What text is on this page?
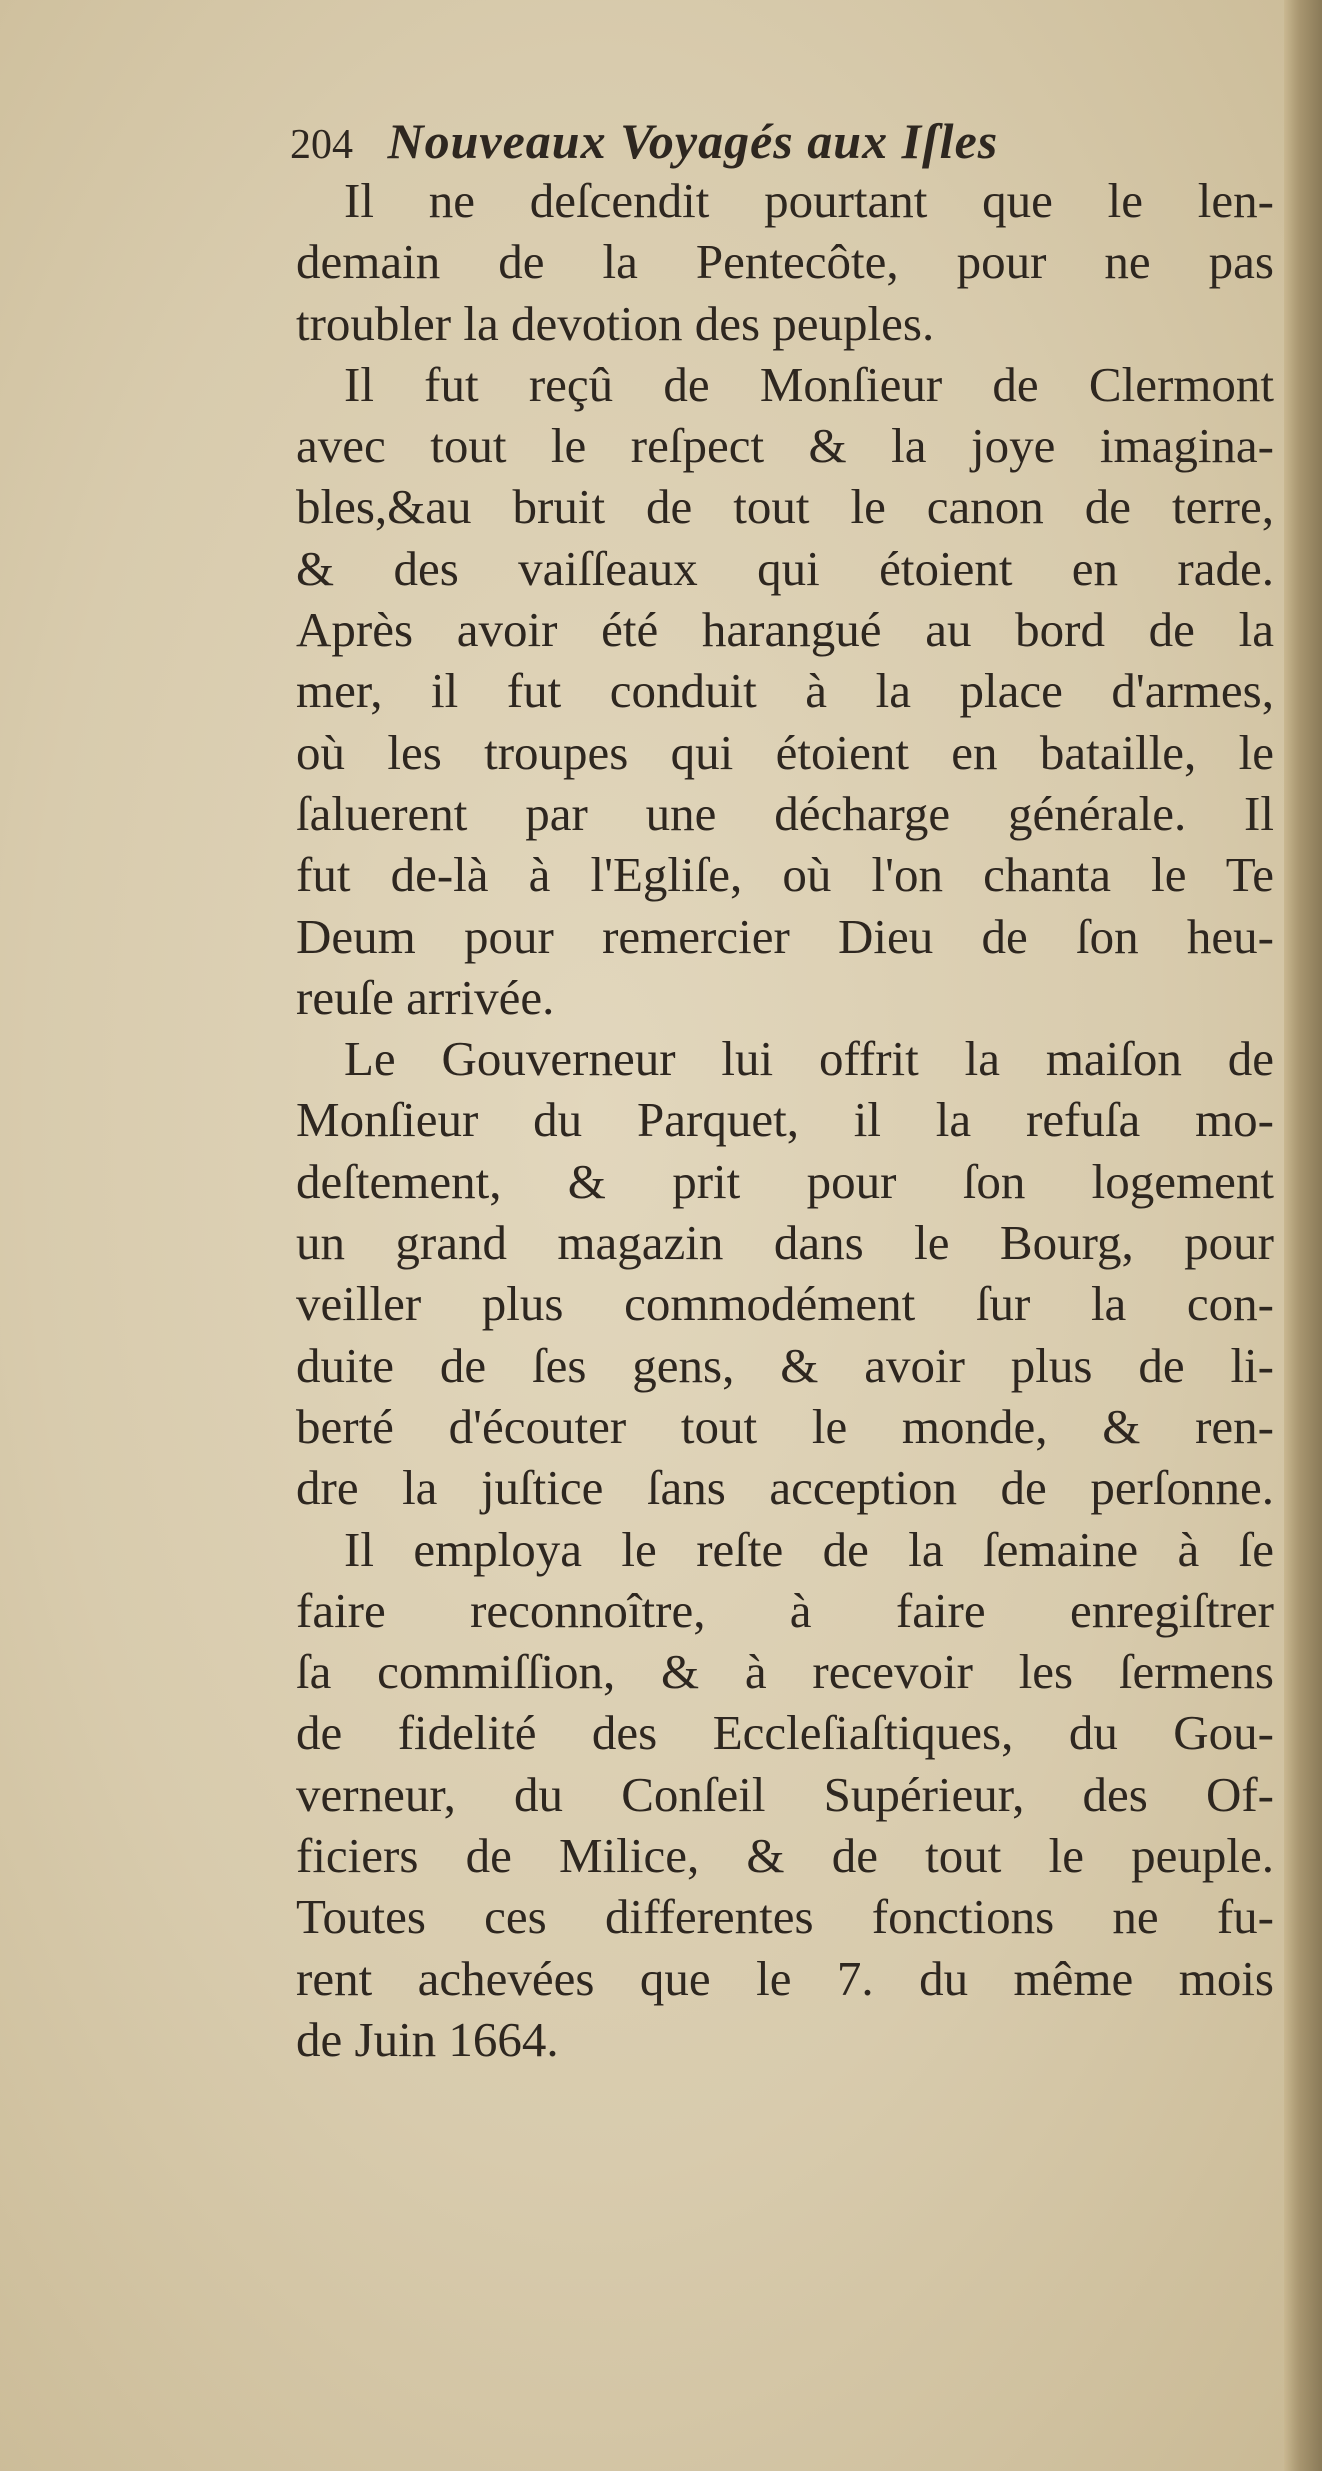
204 Nouveaux Voyagés aux Iſles
Il ne deſcendit pourtant que le len-
demain de la Pentecôte, pour ne pas
troubler la devotion des peuples.
Il fut reçû de Monſieur de Clermont
avec tout le reſpect & la joye imagina-
bles,&au bruit de tout le canon de terre,
& des vaiſſeaux qui étoient en rade.
Après avoir été harangué au bord de la
mer, il fut conduit à la place d'armes,
où les troupes qui étoient en bataille, le
ſaluerent par une décharge générale. Il
fut de-là à l'Egliſe, où l'on chanta le Te
Deum pour remercier Dieu de ſon heu-
reuſe arrivée.
Le Gouverneur lui offrit la maiſon de
Monſieur du Parquet, il la refuſa mo-
deſtement, & prit pour ſon logement
un grand magazin dans le Bourg, pour
veiller plus commodément ſur la con-
duite de ſes gens, & avoir plus de li-
berté d'écouter tout le monde, & ren-
dre la juſtice ſans acception de perſonne.
Il employa le reſte de la ſemaine à ſe
faire reconnoître, à faire enregiſtrer
ſa commiſſion, & à recevoir les ſermens
de fidelité des Eccleſiaſtiques, du Gou-
verneur, du Conſeil Supérieur, des Of-
ficiers de Milice, & de tout le peuple.
Toutes ces differentes fonctions ne fu-
rent achevées que le 7. du même mois
de Juin 1664.
